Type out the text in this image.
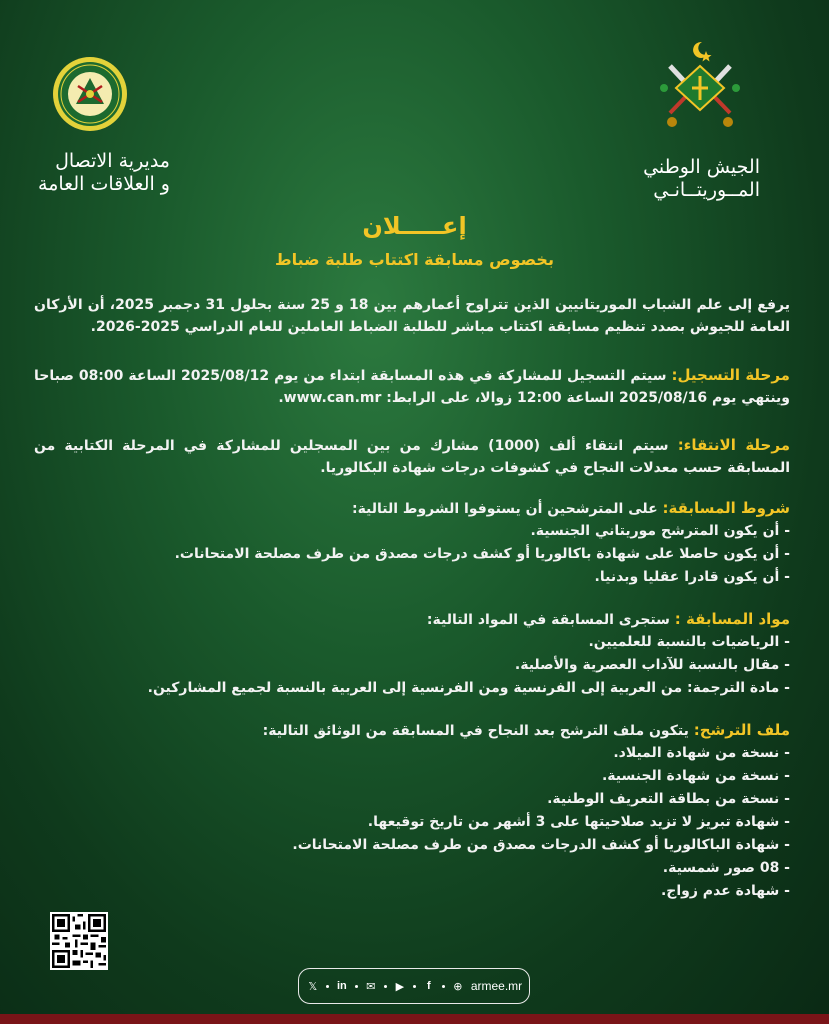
مديرية الاتصال
و العلاقات العامة
الجيش الوطني
المــوريتــانـي
إعـــــلان
بخصوص مسابقة اكتتاب طلبة ضباط

يرفع إلى علم الشباب الموريتانيين الذين تتراوح أعمارهم بين 18 و 25 سنة بحلول 31 دجمبر 2025، أن الأركان العامة للجيوش بصدد تنظيم مسابقة اكتتاب مباشر للطلبة الضباط العاملين للعام الدراسي 2025-2026.

مرحلة التسجيل: سيتم التسجيل للمشاركة في هذه المسابقة ابتداء من يوم 2025/08/12 الساعة 08:00 صباحا وينتهي يوم 2025/08/16 الساعة 12:00 زوالا، على الرابط: www.can.mr.

مرحلة الانتقاء: سيتم انتقاء ألف (1000) مشارك من بين المسجلين للمشاركة في المرحلة الكتابية من المسابقة حسب معدلات النجاح في كشوفات درجات شهادة البكالوريا.

شروط المسابقة: على المترشحين أن يستوفوا الشروط التالية:

- أن يكون المترشح موريتاني الجنسية.
- أن يكون حاصلا على شهادة باكالوريا أو كشف درجات مصدق من طرف مصلحة الامتحانات.
- أن يكون قادرا عقليا وبدنيا.

مواد المسابقة : ستجرى المسابقة في المواد التالية:

- الرياضيات بالنسبة للعلميين.
- مقال بالنسبة للآداب العصرية والأصلية.
- مادة الترجمة: من العربية إلى الفرنسية ومن الفرنسية إلى العربية بالنسبة لجميع المشاركين.

ملف الترشح: يتكون ملف الترشح بعد النجاح في المسابقة من الوثائق التالية:

- نسخة من شهادة الميلاد.
- نسخة من شهادة الجنسية.
- نسخة من بطاقة التعريف الوطنية.
- شهادة تبريز لا تزيد صلاحيتها على 3 أشهر من تاريخ توقيعها.
- شهادة الباكالوريا أو كشف الدرجات مصدق من طرف مصلحة الامتحانات.
- 08 صور شمسية.
- شهادة عدم زواج.
𝕏 in ✉ ▶	f	⊕ armee.mr
